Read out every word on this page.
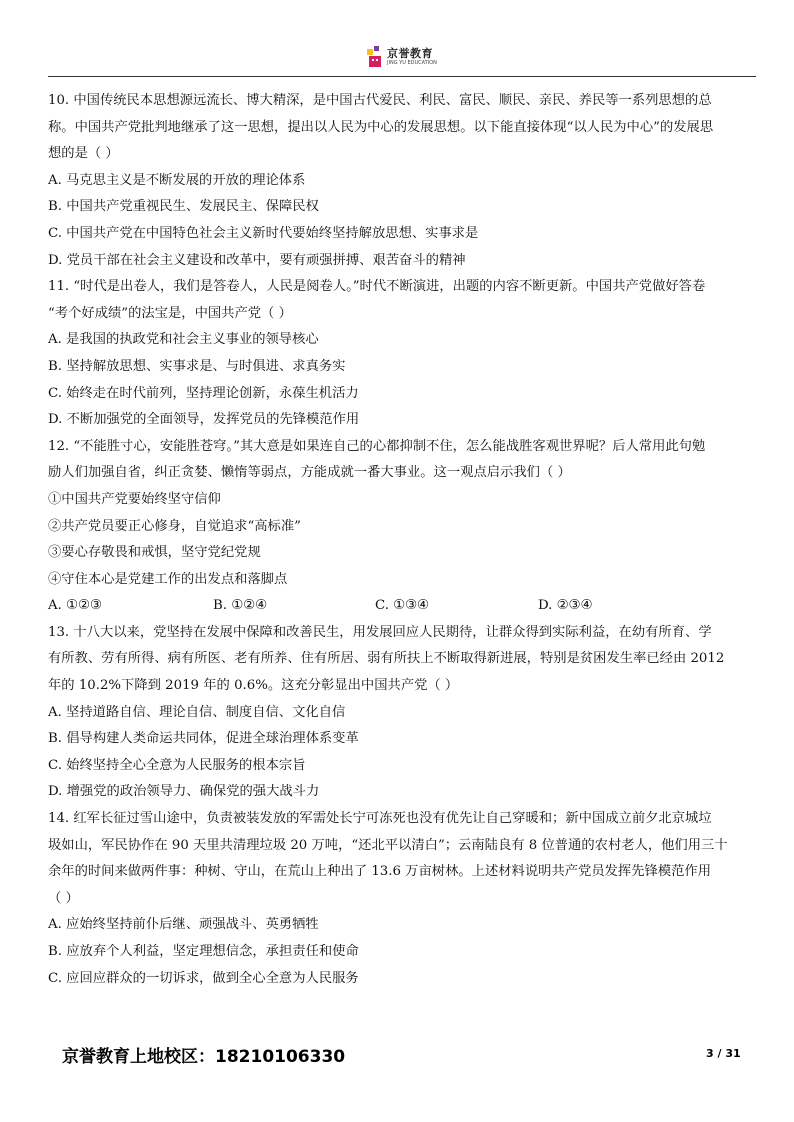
京誉教育
JING YU EDUCATION
10. 中国传统民本思想源远流长、博大精深，是中国古代爱民、利民、富民、顺民、亲民、养民等一系列思想的总
称。中国共产党批判地继承了这一思想，提出以人民为中心的发展思想。以下能直接体现“以人民为中心”的发展思
想的是（ ）
A. 马克思主义是不断发展的开放的理论体系
B. 中国共产党重视民生、发展民主、保障民权
C. 中国共产党在中国特色社会主义新时代要始终坚持解放思想、实事求是
D. 党员干部在社会主义建设和改革中，要有顽强拼搏、艰苦奋斗的精神
11. “时代是出卷人，我们是答卷人，人民是阅卷人。”时代不断演进，出题的内容不断更新。中国共产党做好答卷
“考个好成绩”的法宝是，中国共产党（ ）
A. 是我国的执政党和社会主义事业的领导核心
B. 坚持解放思想、实事求是、与时俱进、求真务实
C. 始终走在时代前列，坚持理论创新，永葆生机活力
D. 不断加强党的全面领导，发挥党员的先锋模范作用
12. “不能胜寸心，安能胜苍穹。”其大意是如果连自己的心都抑制不住，怎么能战胜客观世界呢？后人常用此句勉
励人们加强自省，纠正贪婪、懒惰等弱点，方能成就一番大事业。这一观点启示我们（ ）
①中国共产党要始终坚守信仰
②共产党员要正心修身，自觉追求“高标准”
③要心存敬畏和戒惧，坚守党纪党规
④守住本心是党建工作的出发点和落脚点
A. ①②③	B. ①②④	C. ①③④	D. ②③④
13. 十八大以来，党坚持在发展中保障和改善民生，用发展回应人民期待，让群众得到实际利益，在幼有所育、学
有所教、劳有所得、病有所医、老有所养、住有所居、弱有所扶上不断取得新进展，特别是贫困发生率已经由 2012
年的 10.2%下降到 2019 年的 0.6%。这充分彰显出中国共产党（ ）
A. 坚持道路自信、理论自信、制度自信、文化自信
B. 倡导构建人类命运共同体，促进全球治理体系变革
C. 始终坚持全心全意为人民服务的根本宗旨
D. 增强党的政治领导力、确保党的强大战斗力
14. 红军长征过雪山途中，负责被装发放的军需处长宁可冻死也没有优先让自己穿暖和；新中国成立前夕北京城垃
圾如山，军民协作在 90 天里共清理垃圾 20 万吨，“还北平以清白”；云南陆良有 8 位普通的农村老人，他们用三十
余年的时间来做两件事：种树、守山，在荒山上种出了 13.6 万亩树林。上述材料说明共产党员发挥先锋模范作用
（ ）
A. 应始终坚持前仆后继、顽强战斗、英勇牺牲
B. 应放弃个人利益，坚定理想信念，承担责任和使命
C. 应回应群众的一切诉求，做到全心全意为人民服务
京誉教育上地校区：18210106330	3 / 31
